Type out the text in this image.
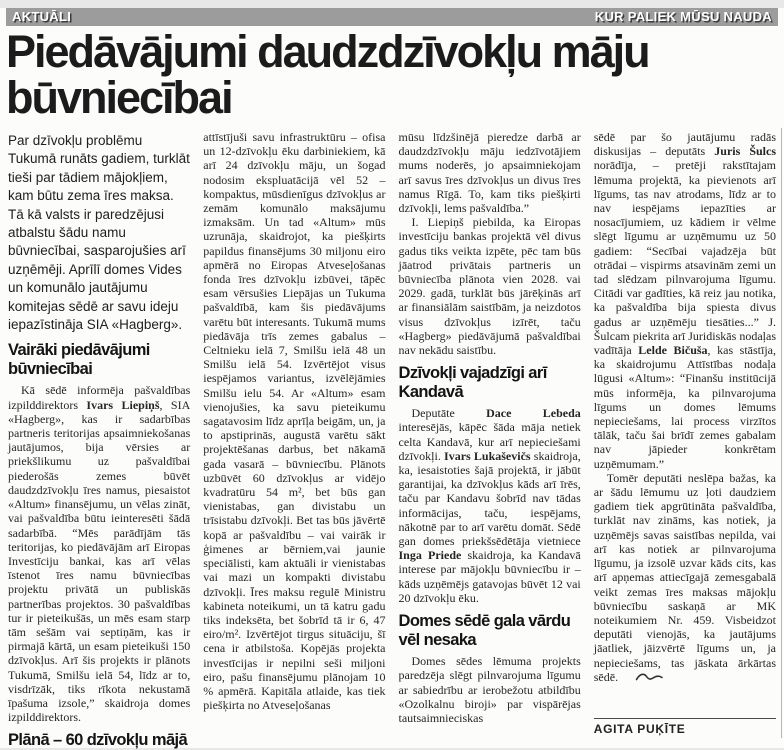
AKTUĀLI	KUR PALIEK MŪSU NAUDA
Piedāvājumi daudzdzīvokļu māju būvniecībai

Par dzīvokļu problēmu Tukumā runāts gadiem, turklāt tieši par tādiem mājokļiem, kam būtu zema īres maksa. Tā kā valsts ir paredzējusi atbalstu šādu namu būvniecībai, sasparojušies arī uzņēmēji. Aprīlī domes Vides un komunālo jautājumu komitejas sēdē ar savu ideju iepazīstināja SIA «Hagberg».

Vairāki piedāvājumi būvniecībai

Kā sēdē informēja pašvaldības izpilddirektors Ivars Liepiņš, SIA «Hagberg», kas ir sadarbības partneris teritorijas apsaimniekošanas jautājumos, bija vērsies ar priekšlikumu uz pašvaldībai piederošās zemes būvēt daudzdzīvokļu īres namus, piesaistot «Altum» finansējumu, un vēlas zināt, vai pašvaldība būtu ieinteresēti šādā sadarbībā. “Mēs parādījām tās teritorijas, ko piedāvājām arī Eiropas Investīciju bankai, kas arī vēlas īstenot īres namu būvniecības projektu privātā un publiskās partnerības projektos. 30 pašvaldības tur ir pieteikušās, un mēs esam starp tām sešām vai septiņām, kas ir pirmajā kārtā, un esam pieteikuši 150 dzīvokļus. Arī šis projekts ir plānots Tukumā, Smilšu ielā 54, līdz ar to, visdrīzāk, tiks rīkota nekustamā īpašuma izsole,” skaidroja domes izpilddirektors.

Plānā – 60 dzīvokļu mājā

attīstījuši savu infrastruktūru – ofisa un 12-dzīvokļu ēku darbiniekiem, kā arī 24 dzīvokļu māju, un šogad nodosim ekspluatācijā vēl 52 – kompaktus, mūsdienīgus dzīvokļus ar zemām komunālo maksājumu izmaksām. Un tad «Altum» mūs uzrunāja, skaidrojot, ka piešķirts papildus finansējums 30 miljonu eiro apmērā no Eiropas Atveseļošanas fonda īres dzīvokļu izbūvei, tāpēc esam vērsušies Liepājas un Tukuma pašvaldībā, kam šis piedāvājums varētu būt interesants. Tukumā mums piedāvāja trīs zemes gabalus – Celtnieku ielā 7, Smilšu ielā 48 un Smilšu ielā 54. Izvērtējot visus iespējamos variantus, izvēlējāmies Smilšu ielu 54. Ar «Altum» esam vienojušies, ka savu pieteikumu sagatavosim līdz aprīļa beigām, un, ja to apstiprinās, augustā varētu sākt projektēšanas darbus, bet nākamā gada vasarā – būvniecību. Plānots uzbūvēt 60 dzīvokļus ar vidējo kvadratūru 54 m², bet būs gan vienistabas, gan divistabu un trīsistabu dzīvokļi. Bet tas būs jāvērtē kopā ar pašvaldību – vai vairāk ir ģimenes ar bērniem,vai jaunie speciālisti, kam aktuāli ir vienistabas vai mazi un kompakti divistabu dzīvokļi. Īres maksu regulē Ministru kabineta noteikumi, un tā katru gadu tiks indeksēta, bet šobrīd tā ir 6, 47 eiro/m². Izvērtējot tirgus situāciju, šī cena ir atbilstoša. Kopējās projekta investīcijas ir nepilni seši miljoni eiro, pašu finansējumu plānojam 10 % apmērā. Kapitāla atlaide, kas tiek piešķirta no Atveseļošanas

mūsu līdzšinējā pieredze darbā ar daudzdzīvokļu māju iedzīvotājiem mums noderēs, jo apsaimniekojam arī savus īres dzīvokļus un divus īres namus Rīgā. To, kam tiks piešķirti dzīvokļi, lems pašvaldība.”

I. Liepiņš piebilda, ka Eiropas investīciju bankas projektā vēl divus gadus tiks veikta izpēte, pēc tam būs jāatrod privātais partneris un būvniecība plānota vien 2028. vai 2029. gadā, turklāt būs jārēķinās arī ar finansiālām saistībām, ja neizdotos visus dzīvokļus izīrēt, taču «Hagberg» piedāvājumā pašvaldībai nav nekādu saistību.

Dzīvokļi vajadzīgi arī Kandavā

Deputāte Dace Lebeda interesējās, kāpēc šāda māja netiek celta Kandavā, kur arī nepieciešami dzīvokļi. Ivars Lukaševičs skaidroja, ka, iesaistoties šajā projektā, ir jābūt garantijai, ka dzīvokļus kāds arī īrēs, taču par Kandavu šobrīd nav tādas informācijas, taču, iespējams, nākotnē par to arī varētu domāt. Sēdē gan domes priekšsēdētāja vietniece Inga Priede skaidroja, ka Kandavā interese par mājokļu būvniecību ir – kāds uzņēmējs gatavojas būvēt 12 vai 20 dzīvokļu ēku.

Domes sēdē gala vārdu vēl nesaka

Domes sēdes lēmuma projekts paredzēja slēgt pilnvarojuma līgumu ar sabiedrību ar ierobežotu atbildību «Ozolkalnu biroji» par vispārējas tautsaimnieciskas

sēdē par šo jautājumu radās diskusijas – deputāts Juris Šulcs norādīja, – pretēji rakstītajam lēmuma projektā, ka pievienots arī līgums, tas nav atrodams, līdz ar to nav iespējams iepazīties ar nosacījumiem, uz kādiem ir vēlme slēgt līgumu ar uzņēmumu uz 50 gadiem: “Secībai vajadzēja būt otrādai – vispirms atsavinām zemi un tad slēdzam pilnvarojuma līgumu. Citādi var gadīties, kā reiz jau notika, ka pašvaldība bija spiesta divus gadus ar uzņēmēju tiesāties...” J. Šulcam piekrita arī Juridiskās nodaļas vadītāja Lelde Bičuša, kas stāstīja, ka skaidrojumu Attīstības nodaļa lūgusi «Altum»: “Finanšu institūcijā mūs informēja, ka pilnvarojuma līgums un domes lēmums nepieciešams, lai process virzītos tālāk, taču šai brīdī zemes gabalam nav jāpieder konkrētam uzņēmumam.”

Tomēr deputāti neslēpa bažas, ka ar šādu lēmumu uz ļoti daudziem gadiem tiek apgrūtināta pašvaldība, turklāt nav zināms, kas notiek, ja uzņēmējs savas saistības nepilda, vai arī kas notiek ar pilnvarojuma līgumu, ja izsolē uzvar kāds cits, kas arī apņemas attiecīgajā zemesgabalā veikt zemas īres maksas mājokļu būvniecību saskaņā ar MK noteikumiem Nr. 459. Visbeidzot deputāti vienojās, ka jautājums jāatliek, jāizvērtē līgums un, ja nepieciešams, tas jāskata ārkārtas sēdē.

AGITA PUĶĪTE
